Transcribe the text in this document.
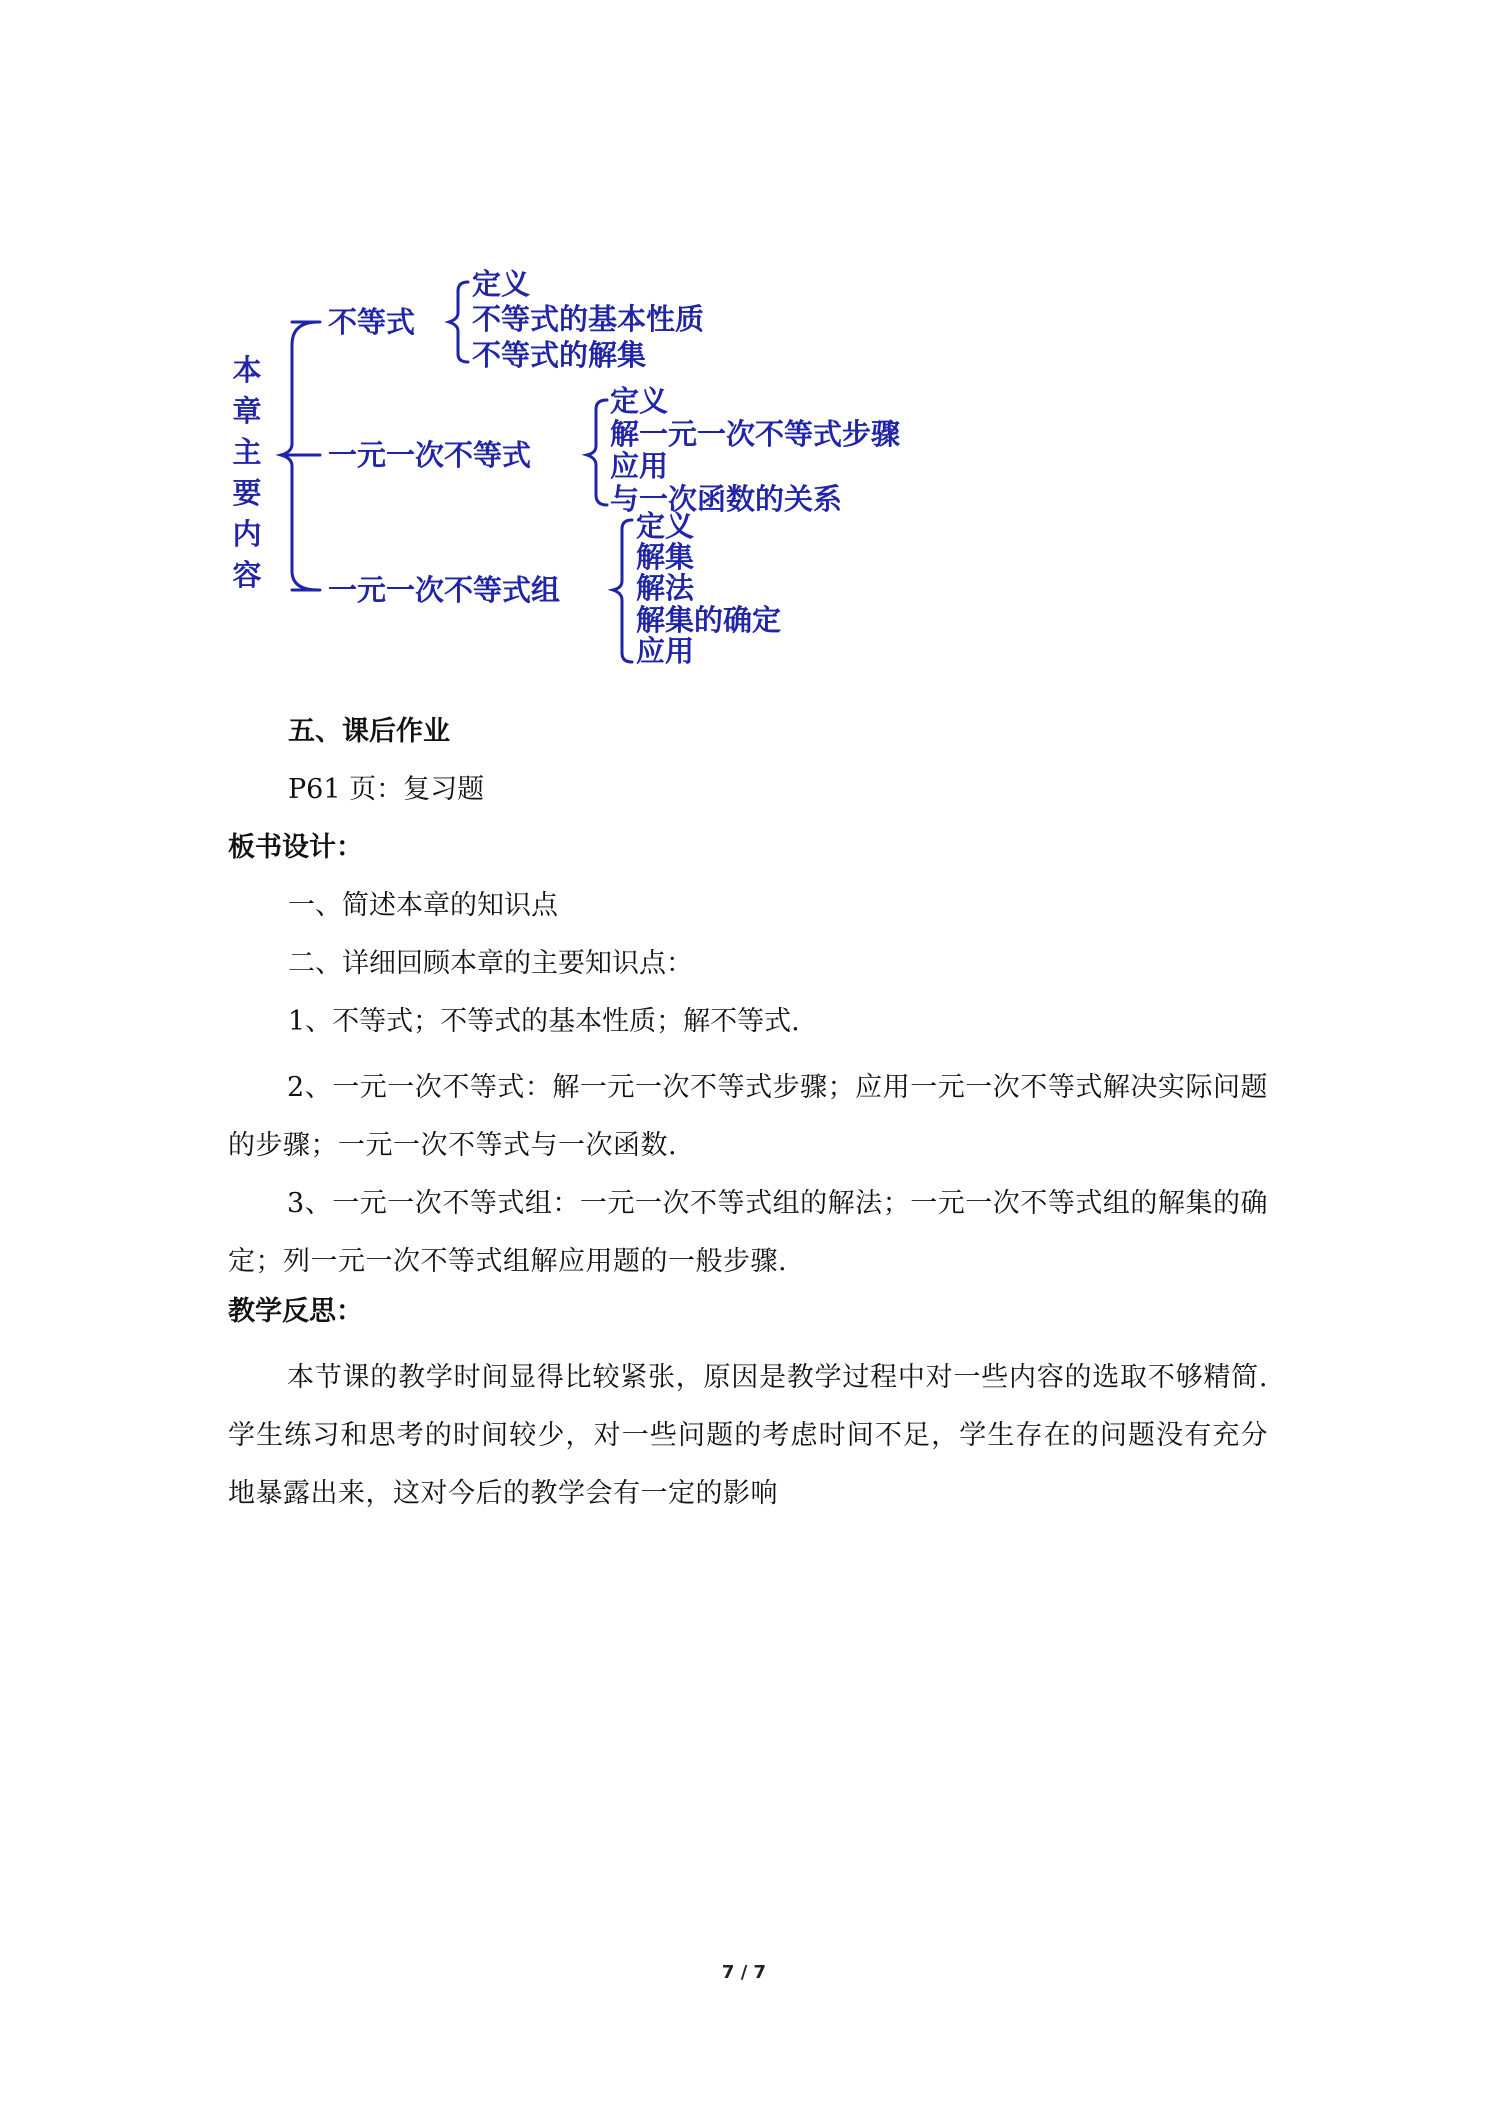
本
章
主
要
内
容
不等式
定义
不等式的基本性质
不等式的解集
一元一次不等式
定义
解一元一次不等式步骤
应用
与一次函数的关系
一元一次不等式组
定义
解集
解法
解集的确定
应用
五、课后作业
P61 页：复习题
板书设计：
一、简述本章的知识点
二、详细回顾本章的主要知识点：
1、不等式；不等式的基本性质；解不等式.
2、一元一次不等式：解一元一次不等式步骤；应用一元一次不等式解决实际问题的步骤；一元一次不等式与一次函数.
3、一元一次不等式组：一元一次不等式组的解法；一元一次不等式组的解集的确定；列一元一次不等式组解应用题的一般步骤.
教学反思：
本节课的教学时间显得比较紧张，原因是教学过程中对一些内容的选取不够精简.学生练习和思考的时间较少，对一些问题的考虑时间不足，学生存在的问题没有充分地暴露出来，这对今后的教学会有一定的影响
7 / 7
